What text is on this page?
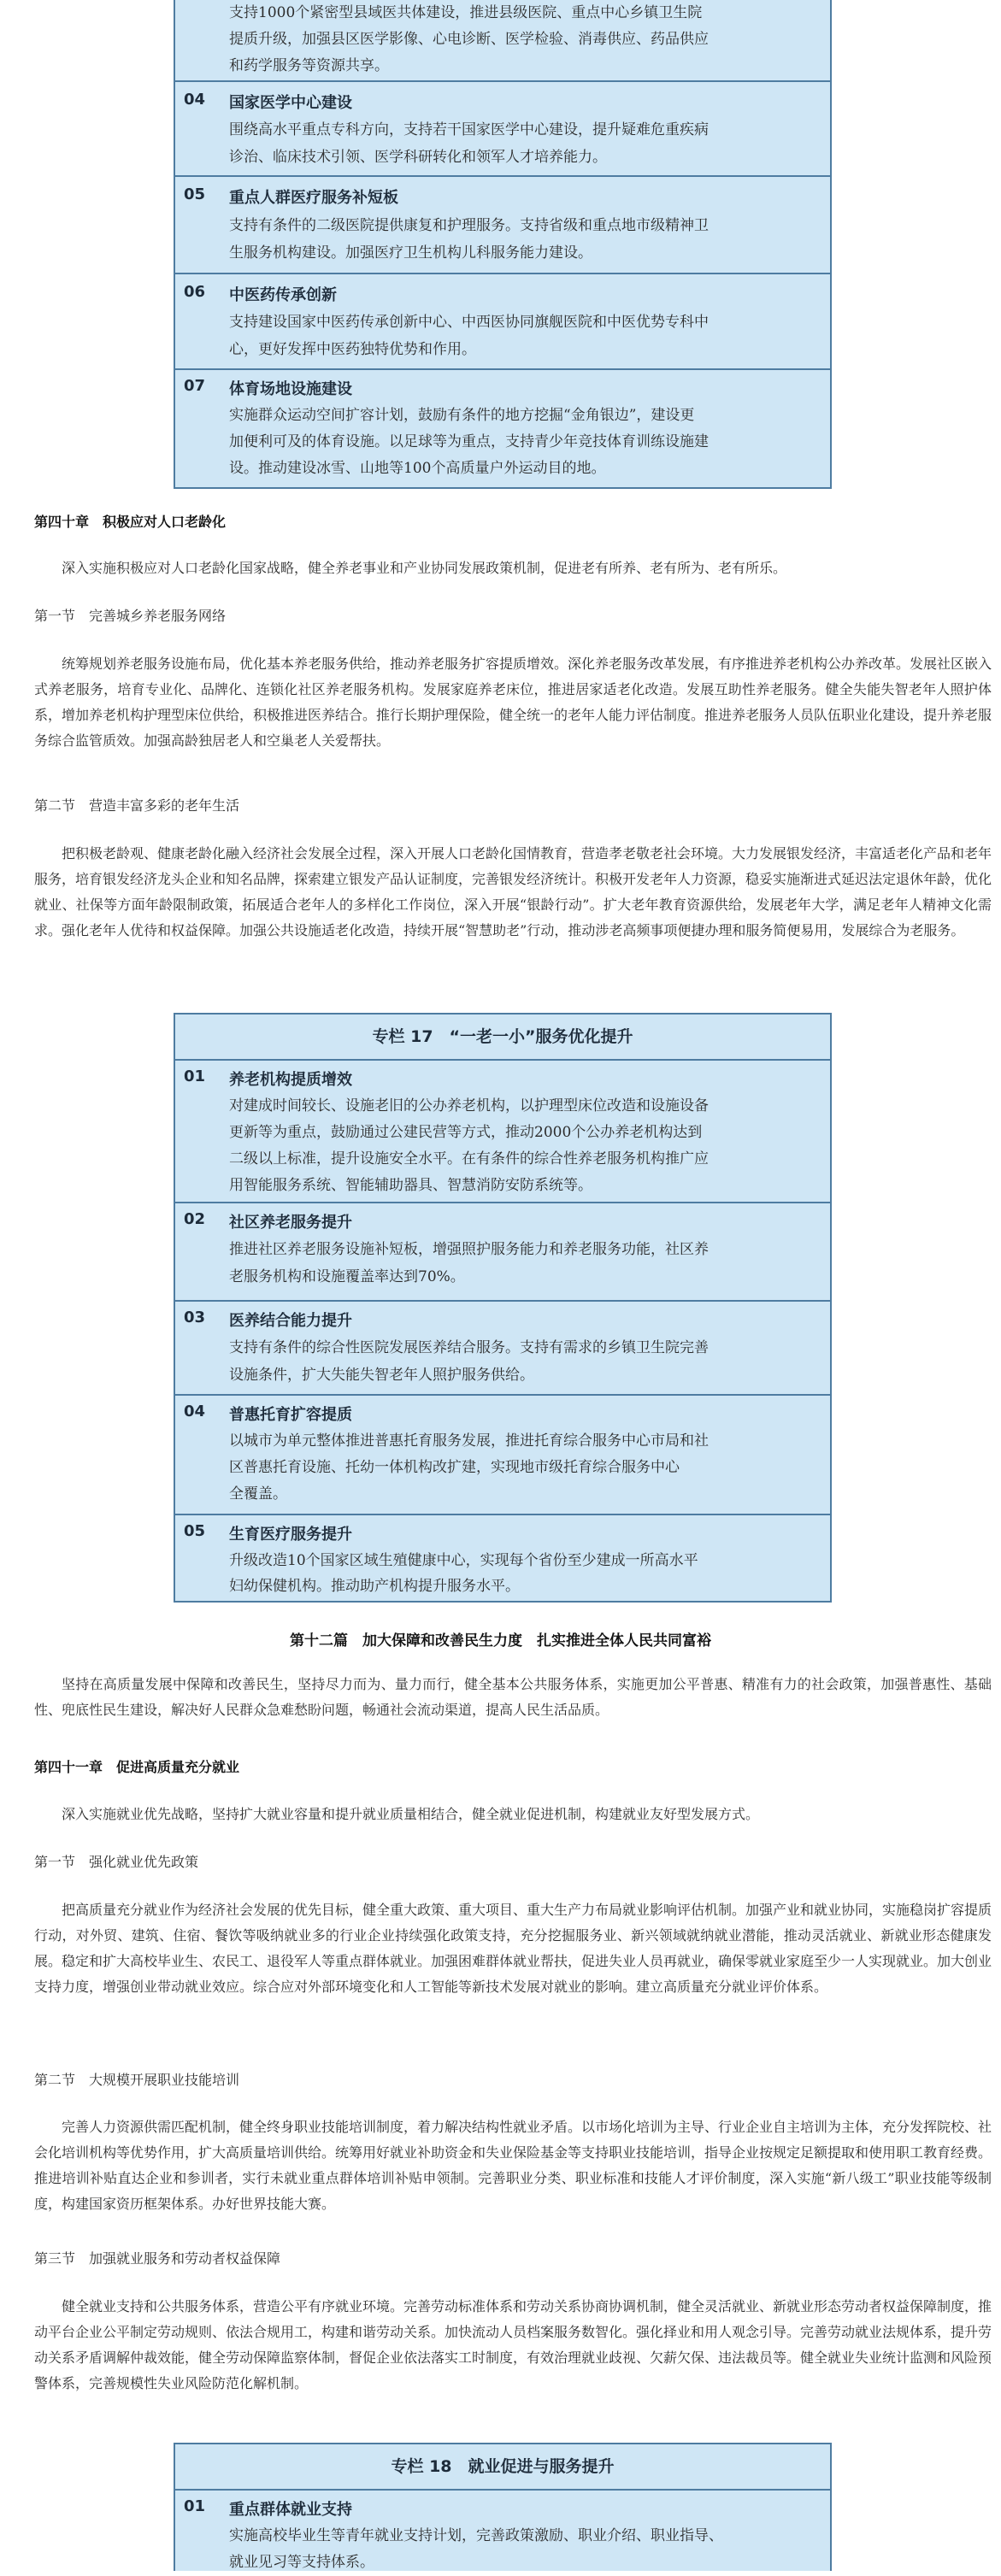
支持1000个紧密型县域医共体建设，推进县级医院、重点中心乡镇卫生院
提质升级，加强县区医学影像、心电诊断、医学检验、消毒供应、药品供应
和药学服务等资源共享。
04 国家医学中心建设
围绕高水平重点专科方向，支持若干国家医学中心建设，提升疑难危重疾病
诊治、临床技术引领、医学科研转化和领军人才培养能力。
05 重点人群医疗服务补短板
支持有条件的二级医院提供康复和护理服务。支持省级和重点地市级精神卫
生服务机构建设。加强医疗卫生机构儿科服务能力建设。
06 中医药传承创新
支持建设国家中医药传承创新中心、中西医协同旗舰医院和中医优势专科中
心，更好发挥中医药独特优势和作用。
07 体育场地设施建设
实施群众运动空间扩容计划，鼓励有条件的地方挖掘“金角银边”，建设更
加便利可及的体育设施。以足球等为重点，支持青少年竞技体育训练设施建
设。推动建设冰雪、山地等100个高质量户外运动目的地。
第四十章　积极应对人口老龄化
深入实施积极应对人口老龄化国家战略，健全养老事业和产业协同发展政策机制，促进老有所养、老有所为、老有所乐。
第一节　完善城乡养老服务网络
统筹规划养老服务设施布局，优化基本养老服务供给，推动养老服务扩容提质增效。深化养老服务改革发展，有序推进养老机构公办养改革。发展社区嵌入式养老服务，培育专业化、品牌化、连锁化社区养老服务机构。发展家庭养老床位，推进居家适老化改造。发展互助性养老服务。健全失能失智老年人照护体系，增加养老机构护理型床位供给，积极推进医养结合。推行长期护理保险，健全统一的老年人能力评估制度。推进养老服务人员队伍职业化建设，提升养老服务综合监管质效。加强高龄独居老人和空巢老人关爱帮扶。
第二节　营造丰富多彩的老年生活
把积极老龄观、健康老龄化融入经济社会发展全过程，深入开展人口老龄化国情教育，营造孝老敬老社会环境。大力发展银发经济，丰富适老化产品和老年服务，培育银发经济龙头企业和知名品牌，探索建立银发产品认证制度，完善银发经济统计。积极开发老年人力资源，稳妥实施渐进式延迟法定退休年龄，优化就业、社保等方面年龄限制政策，拓展适合老年人的多样化工作岗位，深入开展“银龄行动”。扩大老年教育资源供给，发展老年大学，满足老年人精神文化需求。强化老年人优待和权益保障。加强公共设施适老化改造，持续开展“智慧助老”行动，推动涉老高频事项便捷办理和服务简便易用，发展综合为老服务。
专栏 17　“一老一小”服务优化提升
01 养老机构提质增效
对建成时间较长、设施老旧的公办养老机构，以护理型床位改造和设施设备
更新等为重点，鼓励通过公建民营等方式，推动2000个公办养老机构达到
二级以上标准，提升设施安全水平。在有条件的综合性养老服务机构推广应
用智能服务系统、智能辅助器具、智慧消防安防系统等。
02 社区养老服务提升
推进社区养老服务设施补短板，增强照护服务能力和养老服务功能，社区养
老服务机构和设施覆盖率达到70%。
03 医养结合能力提升
支持有条件的综合性医院发展医养结合服务。支持有需求的乡镇卫生院完善
设施条件，扩大失能失智老年人照护服务供给。
04 普惠托育扩容提质
以城市为单元整体推进普惠托育服务发展，推进托育综合服务中心市局和社
区普惠托育设施、托幼一体机构改扩建，实现地市级托育综合服务中心
全覆盖。
05 生育医疗服务提升
升级改造10个国家区域生殖健康中心，实现每个省份至少建成一所高水平
妇幼保健机构。推动助产机构提升服务水平。
第十二篇　加大保障和改善民生力度　扎实推进全体人民共同富裕
坚持在高质量发展中保障和改善民生，坚持尽力而为、量力而行，健全基本公共服务体系，实施更加公平普惠、精准有力的社会政策，加强普惠性、基础性、兜底性民生建设，解决好人民群众急难愁盼问题，畅通社会流动渠道，提高人民生活品质。
第四十一章　促进高质量充分就业
深入实施就业优先战略，坚持扩大就业容量和提升就业质量相结合，健全就业促进机制，构建就业友好型发展方式。
第一节　强化就业优先政策
把高质量充分就业作为经济社会发展的优先目标，健全重大政策、重大项目、重大生产力布局就业影响评估机制。加强产业和就业协同，实施稳岗扩容提质行动，对外贸、建筑、住宿、餐饮等吸纳就业多的行业企业持续强化政策支持，充分挖掘服务业、新兴领域就纳就业潜能，推动灵活就业、新就业形态健康发展。稳定和扩大高校毕业生、农民工、退役军人等重点群体就业。加强困难群体就业帮扶，促进失业人员再就业，确保零就业家庭至少一人实现就业。加大创业支持力度，增强创业带动就业效应。综合应对外部环境变化和人工智能等新技术发展对就业的影响。建立高质量充分就业评价体系。
第二节　大规模开展职业技能培训
完善人力资源供需匹配机制，健全终身职业技能培训制度，着力解决结构性就业矛盾。以市场化培训为主导、行业企业自主培训为主体，充分发挥院校、社会化培训机构等优势作用，扩大高质量培训供给。统筹用好就业补助资金和失业保险基金等支持职业技能培训，指导企业按规定足额提取和使用职工教育经费。推进培训补贴直达企业和参训者，实行未就业重点群体培训补贴申领制。完善职业分类、职业标准和技能人才评价制度，深入实施“新八级工”职业技能等级制度，构建国家资历框架体系。办好世界技能大赛。
第三节　加强就业服务和劳动者权益保障
健全就业支持和公共服务体系，营造公平有序就业环境。完善劳动标准体系和劳动关系协商协调机制，健全灵活就业、新就业形态劳动者权益保障制度，推动平台企业公平制定劳动规则、依法合规用工，构建和谐劳动关系。加快流动人员档案服务数智化。强化择业和用人观念引导。完善劳动就业法规体系，提升劳动关系矛盾调解仲裁效能，健全劳动保障监察体制，督促企业依法落实工时制度，有效治理就业歧视、欠薪欠保、违法裁员等。健全就业失业统计监测和风险预警体系，完善规模性失业风险防范化解机制。
专栏 18　就业促进与服务提升
01 重点群体就业支持
实施高校毕业生等青年就业支持计划，完善政策激励、职业介绍、职业指导、
就业见习等支持体系。
